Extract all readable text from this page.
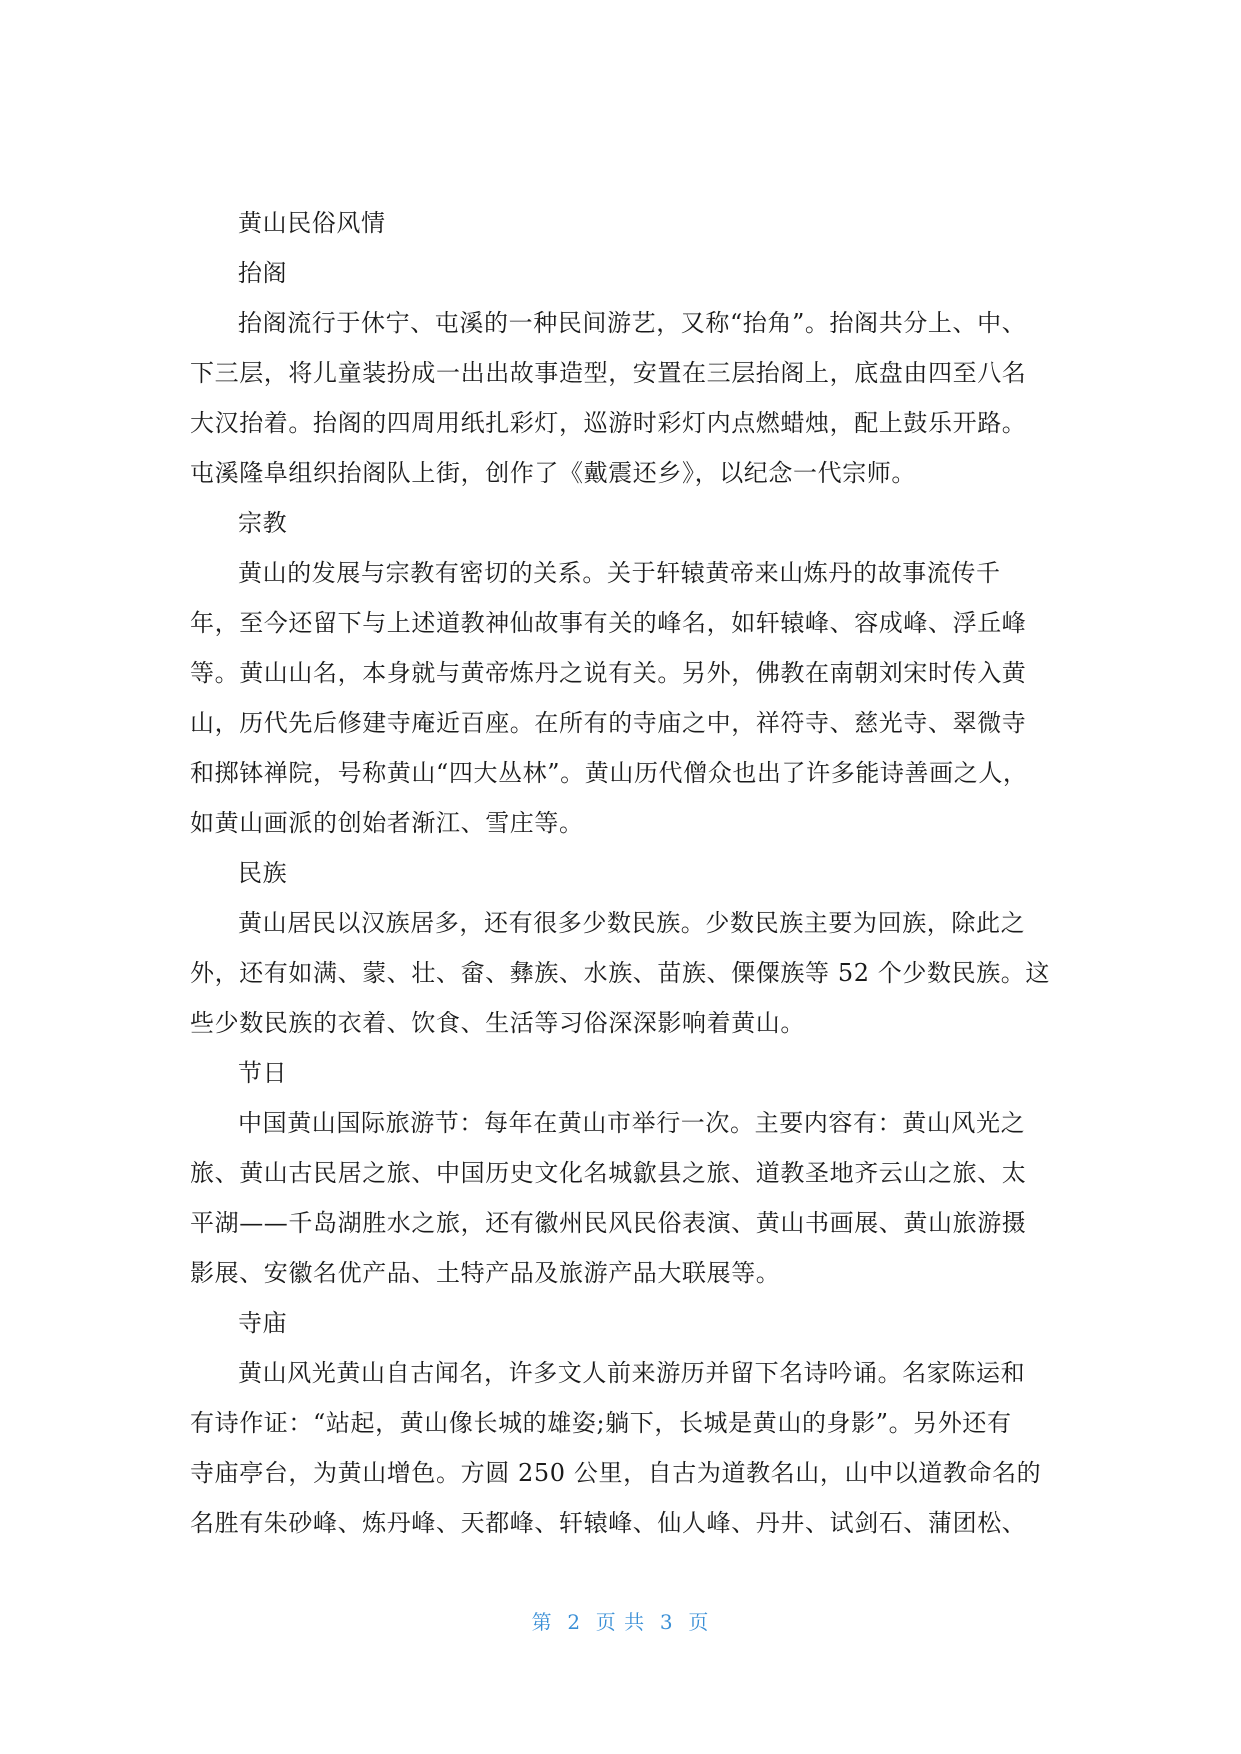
黄山民俗风情
抬阁
抬阁流行于休宁、屯溪的一种民间游艺，又称“抬角”。抬阁共分上、中、
下三层，将儿童装扮成一出出故事造型，安置在三层抬阁上，底盘由四至八名
大汉抬着。抬阁的四周用纸扎彩灯，巡游时彩灯内点燃蜡烛，配上鼓乐开路。
屯溪隆阜组织抬阁队上街，创作了《戴震还乡》，以纪念一代宗师。
宗教
黄山的发展与宗教有密切的关系。关于轩辕黄帝来山炼丹的故事流传千
年，至今还留下与上述道教神仙故事有关的峰名，如轩辕峰、容成峰、浮丘峰
等。黄山山名，本身就与黄帝炼丹之说有关。另外，佛教在南朝刘宋时传入黄
山，历代先后修建寺庵近百座。在所有的寺庙之中，祥符寺、慈光寺、翠微寺
和掷钵禅院，号称黄山“四大丛林”。黄山历代僧众也出了许多能诗善画之人，
如黄山画派的创始者渐江、雪庄等。
民族
黄山居民以汉族居多，还有很多少数民族。少数民族主要为回族，除此之
外，还有如满、蒙、壮、畲、彝族、水族、苗族、傈僳族等 52 个少数民族。这
些少数民族的衣着、饮食、生活等习俗深深影响着黄山。
节日
中国黄山国际旅游节：每年在黄山市举行一次。主要内容有：黄山风光之
旅、黄山古民居之旅、中国历史文化名城歙县之旅、道教圣地齐云山之旅、太
平湖——千岛湖胜水之旅，还有徽州民风民俗表演、黄山书画展、黄山旅游摄
影展、安徽名优产品、土特产品及旅游产品大联展等。
寺庙
黄山风光黄山自古闻名，许多文人前来游历并留下名诗吟诵。名家陈运和
有诗作证：“站起，黄山像长城的雄姿;躺下，长城是黄山的身影”。另外还有
寺庙亭台，为黄山增色。方圆 250 公里，自古为道教名山，山中以道教命名的
名胜有朱砂峰、炼丹峰、天都峰、轩辕峰、仙人峰、丹井、试剑石、蒲团松、
第  2  页 共  3  页
